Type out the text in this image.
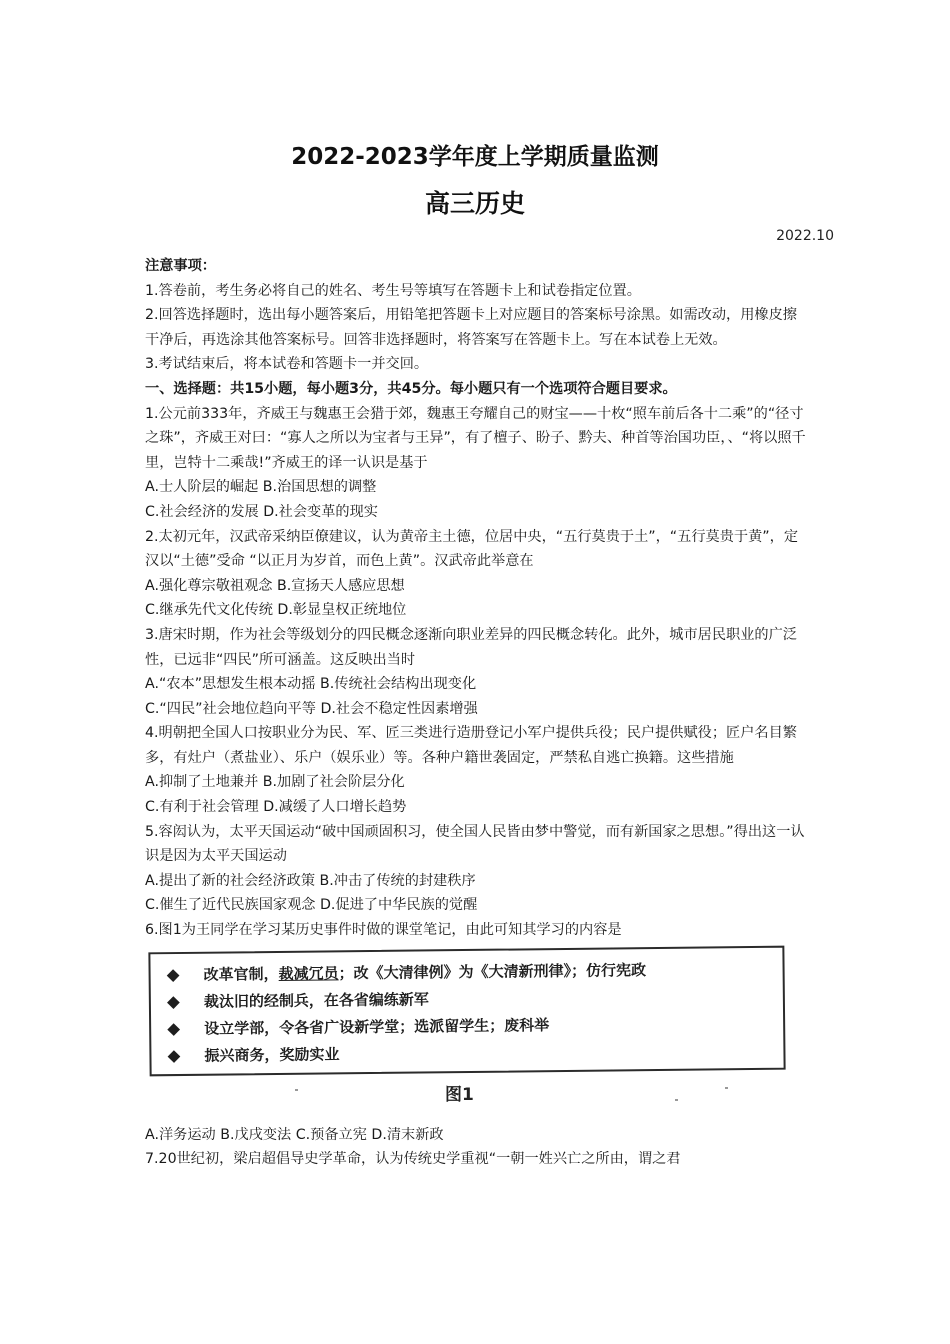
2022-2023学年度上学期质量监测
高三历史
2022.10

注意事项：

1.答卷前，考生务必将自己的姓名、考生号等填写在答题卡上和试卷指定位置。

2.回答选择题时，选出每小题答案后，用铅笔把答题卡上对应题目的答案标号涂黑。如需改动，用橡皮擦干净后，再选涂其他答案标号。回答非选择题时，将答案写在答题卡上。写在本试卷上无效。

3.考试结束后，将本试卷和答题卡一并交回。

一、选择题：共15小题，每小题3分，共45分。每小题只有一个选项符合题目要求。

1.公元前333年，齐威王与魏惠王会猎于郊，魏惠王夸耀自己的财宝——十枚“照车前后各十二乘”的“径寸之珠”，齐威王对曰：“寡人之所以为宝者与王异”，有了檀子、盼子、黔夫、种首等治国功臣，、“将以照千里，岂特十二乘哉!”齐威王的译一认识是基于

A.士人阶层的崛起 B.治国思想的调整

C.社会经济的发展 D.社会变革的现实

2.太初元年，汉武帝采纳臣僚建议，认为黄帝主土德，位居中央，“五行莫贵于土”，“五行莫贵于黄”，定汉以“土德”受命 “以正月为岁首，而色上黄”。汉武帝此举意在

A.强化尊宗敬祖观念 B.宣扬天人感应思想

C.继承先代文化传统 D.彰显皇权正统地位

3.唐宋时期，作为社会等级划分的四民概念逐渐向职业差异的四民概念转化。此外，城市居民职业的广泛性，已远非“四民”所可涵盖。这反映出当时

A.“农本”思想发生根本动摇 B.传统社会结构出现变化

C.“四民”社会地位趋向平等 D.社会不稳定性因素增强

4.明朝把全国人口按职业分为民、军、匠三类进行造册登记小军户提供兵役；民户提供赋役；匠户名目繁多，有灶户（煮盐业）、乐户（娱乐业）等。各种户籍世袭固定，严禁私自逃亡换籍。这些措施

A.抑制了土地兼并 B.加剧了社会阶层分化

C.有利于社会管理 D.减缓了人口增长趋势

5.容闳认为，太平天国运动“破中国顽固积习，使全国人民皆由梦中警觉，而有新国家之思想。”得出这一认识是因为太平天国运动

A.提出了新的社会经济政策 B.冲击了传统的封建秩序

C.催生了近代民族国家观念 D.促进了中华民族的觉醒

6.图1为王同学在学习某历史事件时做的课堂笔记，由此可知其学习的内容是

改革官制， 裁减冗员 ；改《大清律例》为《大清新刑律》；仿行宪政
裁汰旧的经制兵，在各省编练新军
设立学部，令各省广设新学堂；选派留学生；废科举
振兴商务，奖励实业
图1

A.洋务运动 B.戊戌变法 C.预备立宪 D.清末新政

7.20世纪初，梁启超倡导史学革命，认为传统史学重视“一朝一姓兴亡之所由，谓之君
